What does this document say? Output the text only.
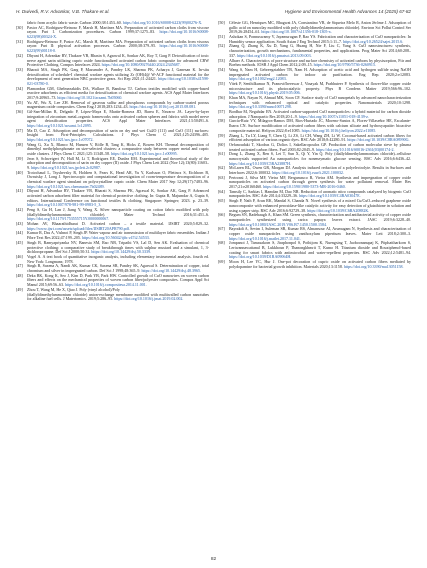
H. Dwivedi, R.V. Advankar, V.B. Thakare et al.	Hygiene and Environmental Health Advances 14 (2025) 67-82

fabric from acrylic fabric waste. Carbon 2000;38:1453–60. https://doi.org/10.1016/S0008-6223(99)00276-X.

[30] Pastor AC, Rodríguez-Reinoso F, Marsh H, Martínez MA. Preparation of activated carbon cloths from viscose rayon. Part I. Carbonization procedures. Carbon 1999;37:1275–83. https://doi.org/10.1016/S0008-6223(98)00324-X.

[31] Rodríguez-Reinoso F, Pastor AC, Marsh H, Martínez MA. Preparation of activated carbon cloths from viscous rayon: Part II: physical activation processes. Carbon 2000;38:379–95. https://doi.org/10.1016/S0008-6223(99)00118-0.

[32] Dhyani H, Advankar RV, Thakare VB, Bhasin S, Agarwal K, Sonkar AK, Roy T, Garg P. Detoxification of toxic nerve agent sarin utilizing cupric oxide functionalized activated carbon fabric composite for advanced CBW Protective Clothing. Compos Interfaces 2024. https://doi.org/10.1080/09276440.2024.2345687.

[33] Bharati MA, Singh PK, Garg P, Mazumder A, Pandey LK, Sharma PK, Acharya J, Ganesan K. In-situ detoxification of schedule-I chemical warfare agents utilizing Zr (OH)4@ W-ACF functional material for the development of next generation NBC protective gears. Sci Rep 2021;11:24421. https://doi.org/10.1038/s41598-021-03780-0.

[34] Plamondon GM, Ghelmezakidis DA, Wallace B, Bandosz TJ. Carbon textiles modified with copper-based reactive adsorbents as efficient media for detoxification of chemical warfare agents. ACS Appl Mater Interfaces 2017;9:20965–73. https://doi.org/10.1021/acsami.7b05060.

[35] Yu AT, Wu X, Lee ZH. Removal of gaseous sulfur and phosphorus compounds by carbon-coated porous magnesium oxide composites. Chem Eng J 2018;283:1234–43. https://doi.org/10.1016/j.cej.2015.08.081.

[36] Gil-San-Millan R, Delgado P, López-Maya E, Martín-Romera JD, Barea E, Navarro JA. Layer-by-layer integration of zirconium metal–organic frameworks onto activated carbon spheres and fabrics with model nerve agent detoxification properties. ACS Appl Mater Interfaces 2021;13:50491–6. https://doi.org/10.1021/acsami.1c12095.

[37] Ma D, Cao Z. Adsorption and decomposition of sarin on dry and wet Cu2O (111) and CuO (111) surfaces: Insight from First-Principles Calculations. J Phys Chem C 2021;125:24396–405. https://doi.org/10.1021/acs.jpcc.1c07072.

[38] Wang G, Xu X, Blanco M, Hansen V, Rölle B, Tang K, Hicks Z, Bowen KH. Thermal decomposition of dimethyl methylphosphonate on size-selected clusters: a comparative study between copper metal and cupric oxide clusters. J Phys Chem C 2021;125:11348–58. https://doi.org/10.1021/acs.jpcc.1c00995.

[39] Jeon S, Schweigert IV, Hall M, Li T, Rodriguez EE, Dunlea EM. Experimental and theoretical study of the adsorption and decomposition of sarin on dry copper (II) oxide. J Phys Chem Lett 2022 (Nov 12);13(80):11603–9. https://doi.org/10.1021/acs.jpclett.2c02987.

[40] Trotochaud L, Tsyshevsky R, Holdren S, Fears K, Head AR, Yu Y, Karlsson O, Pletincx S, Eichhorn B, Owrutsky J, Long J. Spectroscopic and computational investigation of room-temperature decomposition of a chemical warfare agent simulant on polycrystalline cupric oxide. Chem Mater 2017 Sep 12;29(17):7483–96. https://doi.org/10.1021/acs.chemmater.7b02489.

[41] Dhyani H, Advankar RV, Thakare VB, Bharati S, Sharma PK, Agrawal K, Sonkar AK, Garg P. Advanced activated carbon adsorbent filter material for chemical protective clothing. In: Gupta R, Majumdar A, Gupta S, editors. International Conference on functional textiles & clothing. Singapore: Springer; 2023. p. 23–39. https://doi.org/10.1007/978-981-99-0983-5_3.

[42] Peng S, Gu H, Lan J, Jiang Y, Wang X. Silver nanoparticle coating on cotton fabric modified with poly (diallyldimethylammonium chloride). Mater Technol 2016;31:451–6. https://doi.org/10.1179/1753555715Y.0000000067.

[43] Mohan AV, Bhaarathidhurai D. Activated carbon – a textile material. IJSIRT 2020;5:829–32. https://www.ijsrt.com/assets/upload/files/IJSIRT20APR790.pdf.

[44] Kumar R, Das A, Vishnoi P, Singh JP. Water vapour and air transmission of multilayer fabric ensembles. Indian J Fibre Text Res 2022;47:199–205. https://doi.org/10.56042/ijftr.v47i2.54533.

[45] Singh B, Ramyapriyanka NV, Banesia SM, Rao NB, Tripathi VS, Lal D, Sen AK. Evaluation of chemical protective clothing: a comparative study of breakthrough times with sulphur mustard and a simulant, 1, 3-dichloropropane. Def Sci J 2000;50:31. https://doi.org/10.14429/dsj.50.3339.

[46] Vogel A. A text book of quantitative inorganic analysis, including elementary instrumental analysis. fourth ed. New York: Longmans; 1978.

[47] Singh B, Saxena A, Nandi AK, Kumar CK, Saxena SR, Pandey SK, Agarwal S. Determination of copper, total chromium and silver in impregnated carbon. Def Sci J 1998;48:365–9. https://doi.org/10.14429/dsj.48.3965.

[48] Deka BK, Kong K, Seo J, Kim D, Park YB, Park HW. Controlled growth of CuO nanowires on woven carbon fibers and effects on the mechanical properties of woven carbon fiber/polyester composites. Compos Appl Sci Manuf 2015;69:56–63. https://doi.org/10.1016/j.compositesa.2014.11.001.

[49] Zhou T, Wang M, He X, Qiao J. Poly (vinyl alcohol)/Poly

(diallyldimethylammonium chloride) anion-exchange membrane modified with multiwalled carbon nanotubes for alkaline fuel cells. J Materiomics. 2019;5:286–95. https://doi.org/10.1016/j.jmat.2019.02.002.

[50] Céleste GG, Henriques MC, Bhagwat JA, Constantino VR, de Siqueira Melo R, Anton Jérôme J. Adsorption of gallic acid on nanoclay modified with poly (diallyldimethylammonium chloride). Environ Sci Pollut Control Ser 2019;26:28454–61. https://doi.org/10.1007/s11356-018-1305-x.

[51] Ashokan S, Ponnuswamy V, Jayamurugan P, Rao YS. Fabrication and characterization of CuO nanoparticles: In Humidity sensor application. South Asian J Eng Technol 2015;1:11–7. https://doi.org/10.26524/sajet.2015.6.

[52] Zhang Q, Zhang K, Xu D, Yang G, Huang H, Nie F, Liu C, Yang S. CuO nanostructures: synthesis, characterization, growth mechanisms, fundamental properties, and applications. Prog Mater Sci 2014;60:208–337. https://doi.org/10.1016/j.pmatsci.2013.09.003.

[53] Alhaer A. Characteristics of pore structure and surface chemistry of activated carbons by physisorption, Ftir and Boehm methods. IOSR J Appl Chem 2012;2:09–15. https://doi.org/10.9790/5736-0260915.

[54] Wang S, Nam H, Gebreegziabher TB, Nam H. Adsorption of acetic acid and hydrogen sulfide using NaOH impregnated activated carbon for indoor air purification. Eng Rep. 2020;2:e12083. https://doi.org/10.1002/eng2.12083.

[55] Vitek P, Senthilkumar N, Pranovičheeswar J, Vinayak M, Prabhuteer P. Synthesis of flower-like copper oxide microstructure and its photocatalytic property. Phys B Condens Matter 2019;566:96–102. https://doi.org/10.1016/j.physb.2019.05.006.

[56] Khan MA, Nayan N, Ahmad MK, Soon CF. Surface study of CuO nanopetals by advanced nanocharacterization techniques with enhanced optical and catalytic properties. Nanomaterials 2020;10:1298. https://doi.org/10.3390/nano10071298.

[57] Bordbar M, Negahdar EN. Activated carbon-supported CuO nanoparticles: a hybrid material for carbon dioxide adsorption. J Nanopartic Res 2018;20:1–9. https://doi.org/10.1007/s11051-018-4139-z.

[58] García-Ruiz VY, Milagros-Ramos DM, Rios-Hurtado JC, Moreno-Santos A, Flores-Villaseñor HE, Escalante-Ibarra CN. Surface modification of activated carbon fibers with calcium silicate and hydroxyapatite: bioactive composite material. Heliyon 2022;8:e11085. https://doi.org/10.1016/j.heliyon.2022.e11085.

[59] Zhang L, Tu LY, Liang Y, Chen Q, Li ZS, Li CH, Wang ZH, Li W. Coconut-based activated carbon fibers for efficient adsorption of various organic dyes. RSC Adv 2018;8:42280–91. https://doi.org/10.1039/C8RA08990G.

[60] Oefanoudaki T, Skodras G, Dolios I, Sakellaropoulos GP. Production of carbon molecular sieve by plasma treated activated carbon fibers. Fuel 2003;82:2045–9. https://doi.org/10.1016/S0016-2361(03)00174-2.

[61] Dong L, Zhang X, Ren S, Lei T, Sun X, Qi Y, Yin Q. Poly (diallyldimethylammonium chloride)–cellulose nanocrystals supported Au nanoparticles for nonenzymatic glucose sensing. RSC Adv 2016;6:6436–42. https://doi.org/10.1039/C5RA23887H.

[62] McLaren RL, Owen GR, Morgan DJ. Analysis induced reduction of a polyelectrolyte. Results in Surfaces and Interfaces 2022;6:100032. https://doi.org/10.1016/j.rsurfi.2021.100032.

[63] Pertronsi J, Silva MF, Vieira MF, Bergamasco R, Vieira AM. Synthesis and impregnation of copper oxide nanoparticles on activated carbon through green synthesis for water pollutant removal. Mater Res 2017;21:e20160460. https://doi.org/10.1590/1980-5373-MR-2016-0460.

[64] Tamsily C, Sarkias I, Hamdan M, Dao NR. Reduction of aromatic nitro compounds catalyzed by biogenic CuO nanoparticles. RSC Adv 2014;4:33229–36. https://doi.org/10.1039/C4RA03047E.

[65] Singh P, Nath P, Arun RK, Mandal S, Chanda N. Novel synthesis of a mixed Cu/CuO–reduced graphene oxide nanocomposite with enhanced peroxidase-like catalytic activity for easy detection of glutathione in solution and using a paper strip. RSC Adv 2016;6:92729–38. https://doi.org/10.1039/C6RA20882K.

[66] Begum SN, Radebaugh A, Khan SM. Green synthesis, characterization and antibacterial activity of copper oxide nanoparticles synthesized using carica papaya leaves extract. JASC 2019;6:3228–40. https://doi.org/10.1080/JASC.2019.V06.B7.1450.1500.1584.

[67] Bayrakdi A, Sevim I, Suleman SB, Kumar RS, Almansour AI, Arumugam N, Synthesis and characterization of copper oxide nanoparticles using zanthoxylum piperitum leaves. Mater Lett 2018;2:300–3. https://doi.org/10.1016/j.matlet.2017.11.041.

[68] Jompanoi J, Tamasakorn S, Jiraphonpol S, Pothijom K, Nuengsing T, Jaoboonanupaj K, Pitphattharkorn S, Lertwannawattanal B, Lukkhoun P, Thanongkhmrit T, Kumo H. Titanium dioxide and Rouxiphenol-based coating for smart fabrics with antimicrobial and water-repellent properties. RSC Adv 2022;12:5481–94. https://doi.org/10.1039/D1RA09064H.

[69] Moon H, Lee YC, Hur J. One-pot decoration of cupric oxide on activated carbon fibers mediated by polydopamine for bacterial growth inhibition. Materials 2020;13:1158. https://doi.org/10.3390/ma13051158.

82
